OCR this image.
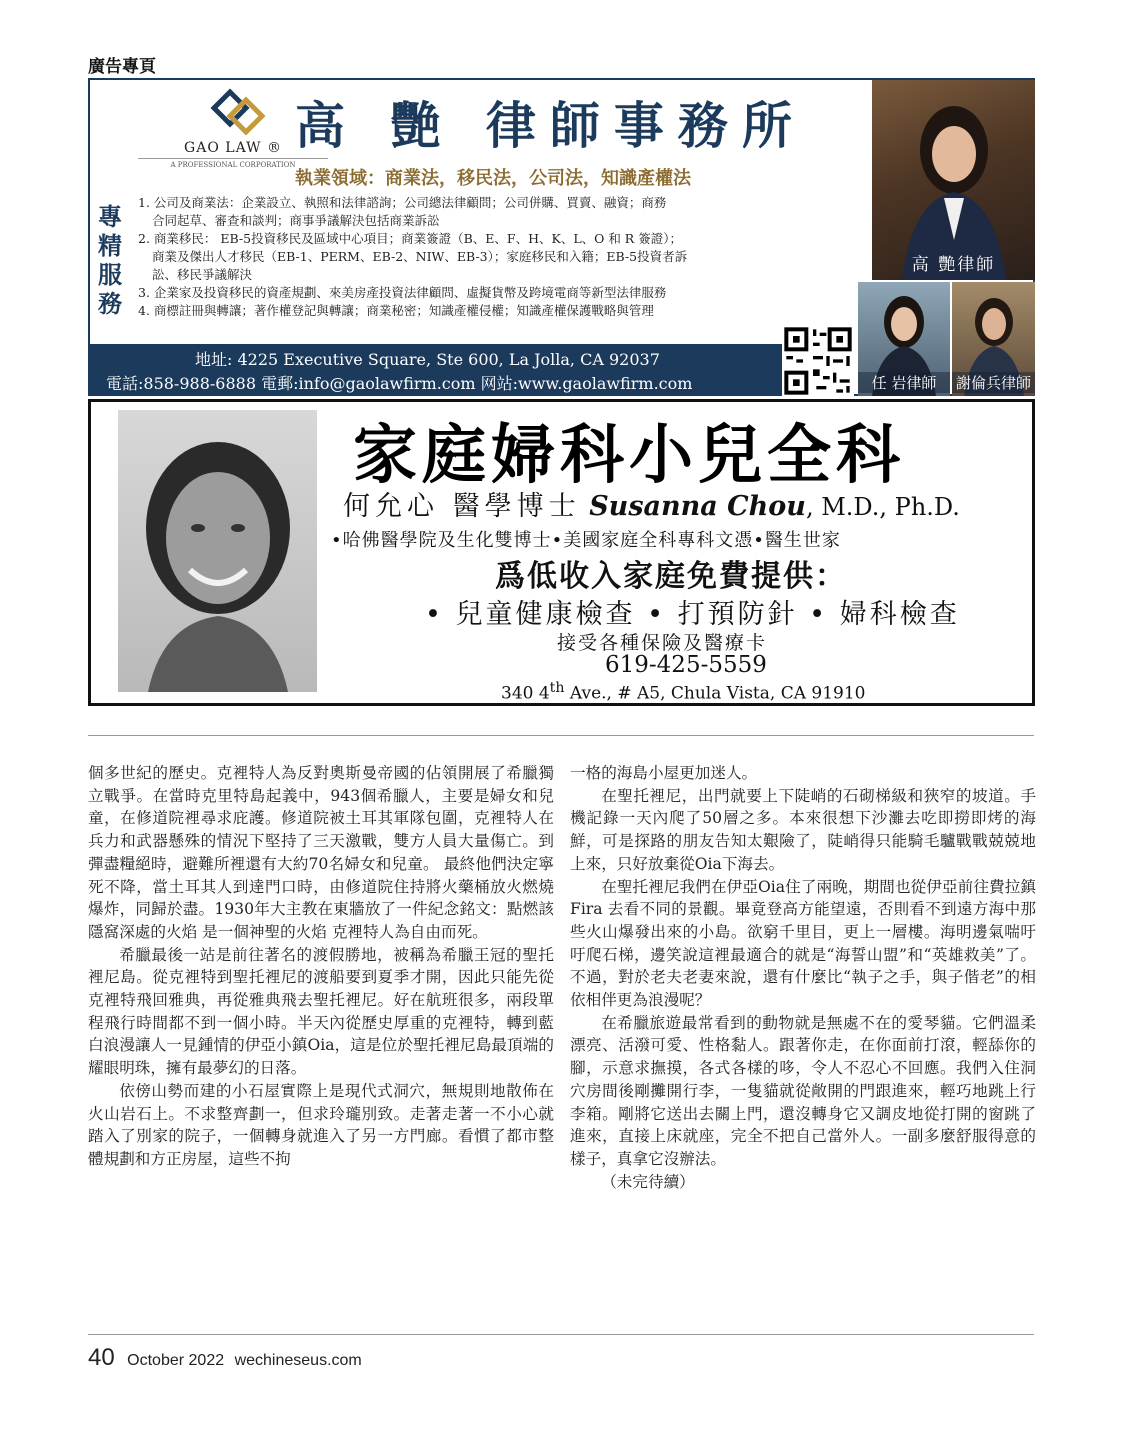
廣告專頁
GAO LAW ®
A PROFESSIONAL CORPORATION
高 艷 律師事務所
執業領域：商業法，移民法，公司法，知識產權法
專精服務
1. 公司及商業法：企業設立、執照和法律諮詢；公司總法律顧問；公司併購、買賣、融資；商務
合同起草、審查和談判；商事爭議解決包括商業訴訟
2. 商業移民： EB-5投資移民及區域中心項目；商業簽證（B、E、F、H、K、L、O 和 R 簽證）；
商業及傑出人才移民（EB-1、PERM、EB-2、NIW、EB-3）；家庭移民和入籍；EB-5投資者訴
訟、移民爭議解決
3. 企業家及投資移民的資產規劃、來美房產投資法律顧問、虛擬貨幣及跨境電商等新型法律服務
4. 商標註冊與轉讓；著作權登記與轉讓；商業秘密；知識產權侵權；知識產權保護戰略與管理
地址: 4225 Executive Square, Ste 600, La Jolla, CA 92037
電話:858-988-6888 電郵:info@gaolawfirm.com 网站:www.gaolawfirm.com
高 艷律師
任 岩律師	謝倫兵律師
家庭婦科小兒全科
何允心 醫學博士 Susanna Chou, M.D., Ph.D.
•哈佛醫學院及生化雙博士•美國家庭全科專科文憑•醫生世家
爲低收入家庭免費提供：
• 兒童健康檢查 • 打預防針 • 婦科檢查
接受各種保險及醫療卡
619-425-5559
340 4th Ave., # A5, Chula Vista, CA 91910

個多世紀的歷史。克裡特人為反對奧斯曼帝國的佔領開展了希臘獨立戰爭。在當時克里特島起義中，943個希臘人，主要是婦女和兒童，在修道院裡尋求庇護。修道院被土耳其軍隊包圍，克裡特人在兵力和武器懸殊的情況下堅持了三天激戰，雙方人員大量傷亡。到彈盡糧絕時，避難所裡還有大約70名婦女和兒童。 最終他們決定寧死不降，當土耳其人到達門口時，由修道院住持將火藥桶放火燃燒爆炸，同歸於盡。1930年大主教在東牆放了一件紀念銘文：點燃該隱窩深處的火焰 是一個神聖的火焰 克裡特人為自由而死。

希臘最後一站是前往著名的渡假勝地，被稱為希臘王冠的聖托裡尼島。從克裡特到聖托裡尼的渡船要到夏季才開，因此只能先從克裡特飛回雅典，再從雅典飛去聖托裡尼。好在航班很多，兩段單程飛行時間都不到一個小時。半天內從歷史厚重的克裡特，轉到藍白浪漫讓人一見鍾情的伊亞小鎮Oia，這是位於聖托裡尼島最頂端的耀眼明珠，擁有最夢幻的日落。

依傍山勢而建的小石屋實際上是現代式洞穴，無規則地散佈在火山岩石上。不求整齊劃一，但求玲瓏別致。走著走著一不小心就踏入了別家的院子，一個轉身就進入了另一方門廊。看慣了都市整體規劃和方正房屋，這些不拘

一格的海島小屋更加迷人。

在聖托裡尼，出門就要上下陡峭的石砌梯級和狹窄的坡道。手機記錄一天內爬了50層之多。本來很想下沙灘去吃即撈即烤的海鮮，可是探路的朋友告知太艱險了，陡峭得只能騎毛驢戰戰兢兢地上來，只好放棄從Oia下海去。

在聖托裡尼我們在伊亞Oia住了兩晚，期間也從伊亞前往費拉鎮Fira 去看不同的景觀。畢竟登高方能望遠，否則看不到遠方海中那些火山爆發出來的小島。欲窮千里目，更上一層樓。海明邊氣喘吁吁爬石梯，邊笑說這裡最適合的就是“海誓山盟”和“英雄救美”了。不過，對於老夫老妻來說，還有什麼比“執子之手，與子偕老”的相依相伴更為浪漫呢？

在希臘旅遊最常看到的動物就是無處不在的愛琴貓。它們溫柔漂亮、活潑可愛、性格黏人。跟著你走，在你面前打滾，輕舔你的腳，示意求撫摸，各式各樣的哆，令人不忍心不回應。我們入住洞穴房間後剛攤開行李，一隻貓就從敞開的門跟進來，輕巧地跳上行李箱。剛將它送出去關上門，還沒轉身它又調皮地從打開的窗跳了進來，直接上床就座，完全不把自己當外人。一副多麼舒服得意的樣子，真拿它沒辦法。

（未完待續）

40 October 2022 wechineseus.com
